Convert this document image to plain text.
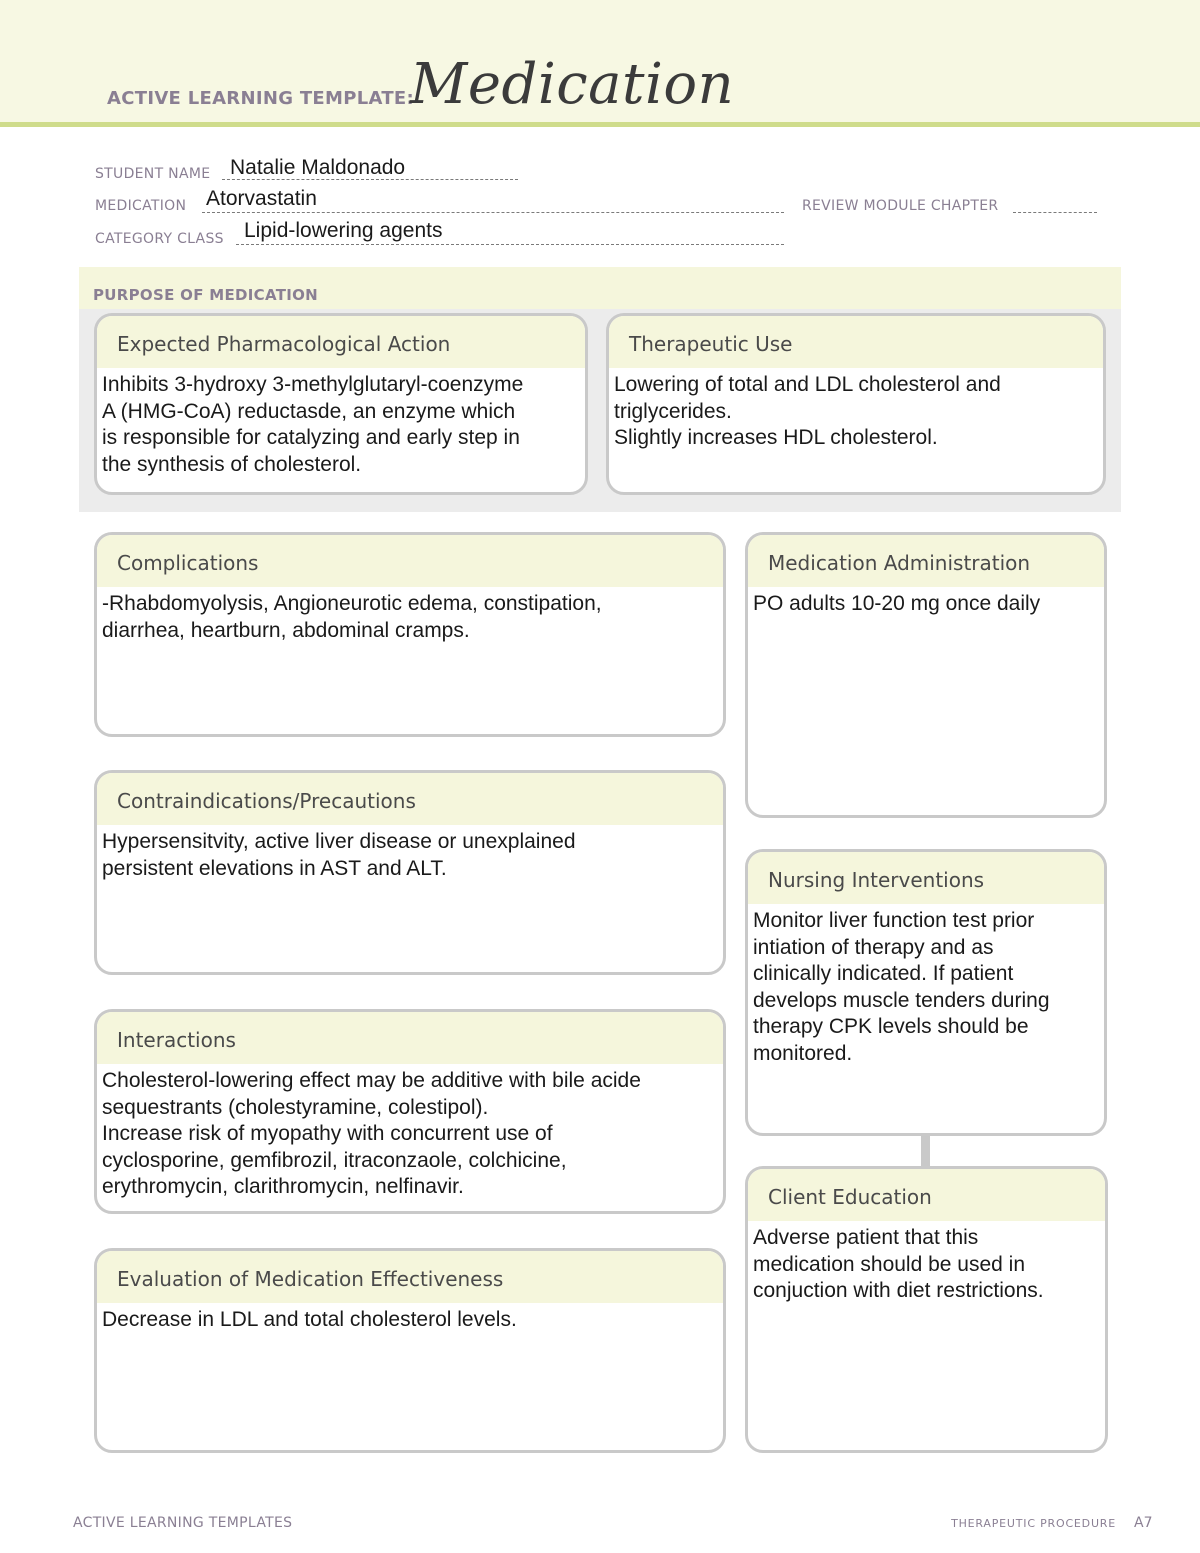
ACTIVE LEARNING TEMPLATE:
Medication
STUDENT NAME Natalie Maldonado
MEDICATION Atorvastatin	REVIEW MODULE CHAPTER
CATEGORY CLASS Lipid-lowering agents
PURPOSE OF MEDICATION
Expected Pharmacological Action
Inhibits 3-hydroxy 3-methylglutaryl-coenzyme
A (HMG-CoA) reductasde, an enzyme which
is responsible for catalyzing and early step in
the synthesis of cholesterol.
Therapeutic Use
Lowering of total and LDL cholesterol and
triglycerides.
Slightly increases HDL cholesterol.
Complications
-Rhabdomyolysis, Angioneurotic edema, constipation,
diarrhea, heartburn, abdominal cramps.
Contraindications/Precautions
Hypersensitvity, active liver disease or unexplained
persistent elevations in AST and ALT.
Interactions
Cholesterol-lowering effect may be additive with bile acide
sequestrants (cholestyramine, colestipol).
Increase risk of myopathy with concurrent use of
cyclosporine, gemfibrozil, itraconzaole, colchicine,
erythromycin, clarithromycin, nelfinavir.
Evaluation of Medication Effectiveness
Decrease in LDL and total cholesterol levels.
Medication Administration
PO adults 10-20 mg once daily
Nursing Interventions
Monitor liver function test prior
intiation of therapy and as
clinically indicated. If patient
develops muscle tenders during
therapy CPK levels should be
monitored.
Client Education
Adverse patient that this
medication should be used in
conjuction with diet restrictions.
ACTIVE LEARNING TEMPLATES	THERAPEUTIC PROCEDURE A7
